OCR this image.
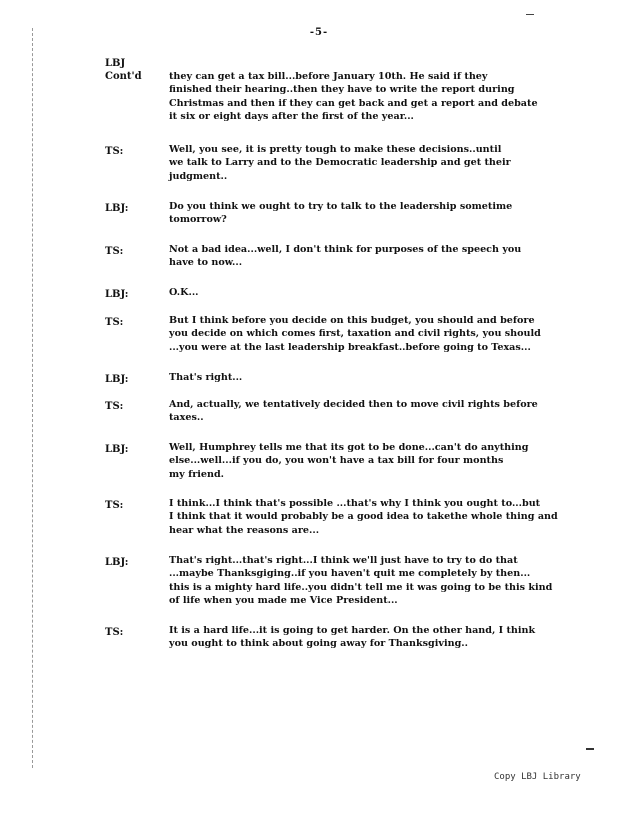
-5-
LBJ
Cont'd	they can get a tax bill...before January 10th. He said if they
finished their hearing..then they have to write the report during
Christmas and then if they can get back and get a report and debate
it six or eight days after the first of the year...
TS:	Well, you see, it is pretty tough to make these decisions..until
we talk to Larry and to the Democratic leadership and get their
judgment..
LBJ:	Do you think we ought to try to talk to the leadership sometime
tomorrow?
TS:	Not a bad idea...well, I don't think for purposes of the speech you
have to now...
LBJ:	O.K...
TS:	But I think before you decide on this budget, you should and before
you decide on which comes first, taxation and civil rights, you should
...you were at the last leadership breakfast..before going to Texas...
LBJ:	That's right...
TS:	And, actually, we tentatively decided then to move civil rights before
taxes..
LBJ:	Well, Humphrey tells me that its got to be done...can't do anything
else...well...if you do, you won't have a tax bill for four months
my friend.
TS:	I think...I think that's possible ...that's why I think you ought to...but
I think that it would probably be a good idea to takethe whole thing and
hear what the reasons are...
LBJ:	That's right...that's right...I think we'll just have to try to do that
...maybe Thanksgiging..if you haven't quit me completely by then...
this is a mighty hard life..you didn't tell me it was going to be this kind
of life when you made me Vice President...
TS:	It is a hard life...it is going to get harder. On the other hand, I think
you ought to think about going away for Thanksgiving..
Copy LBJ Library
